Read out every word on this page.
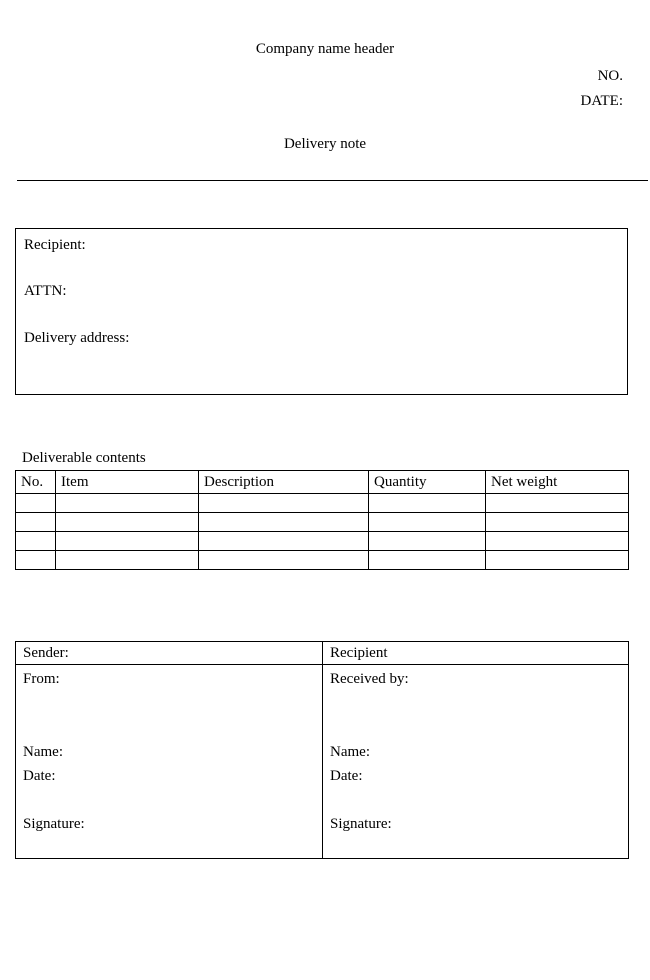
Company name header
NO.
DATE:
Delivery note
Recipient:
ATTN:
Delivery address:
Deliverable contents
No.	Item	Description	Quantity	Net weight

Sender:	Recipient

From:
Name:
Date:
Signature:

Received by:
Name:
Date:
Signature:
